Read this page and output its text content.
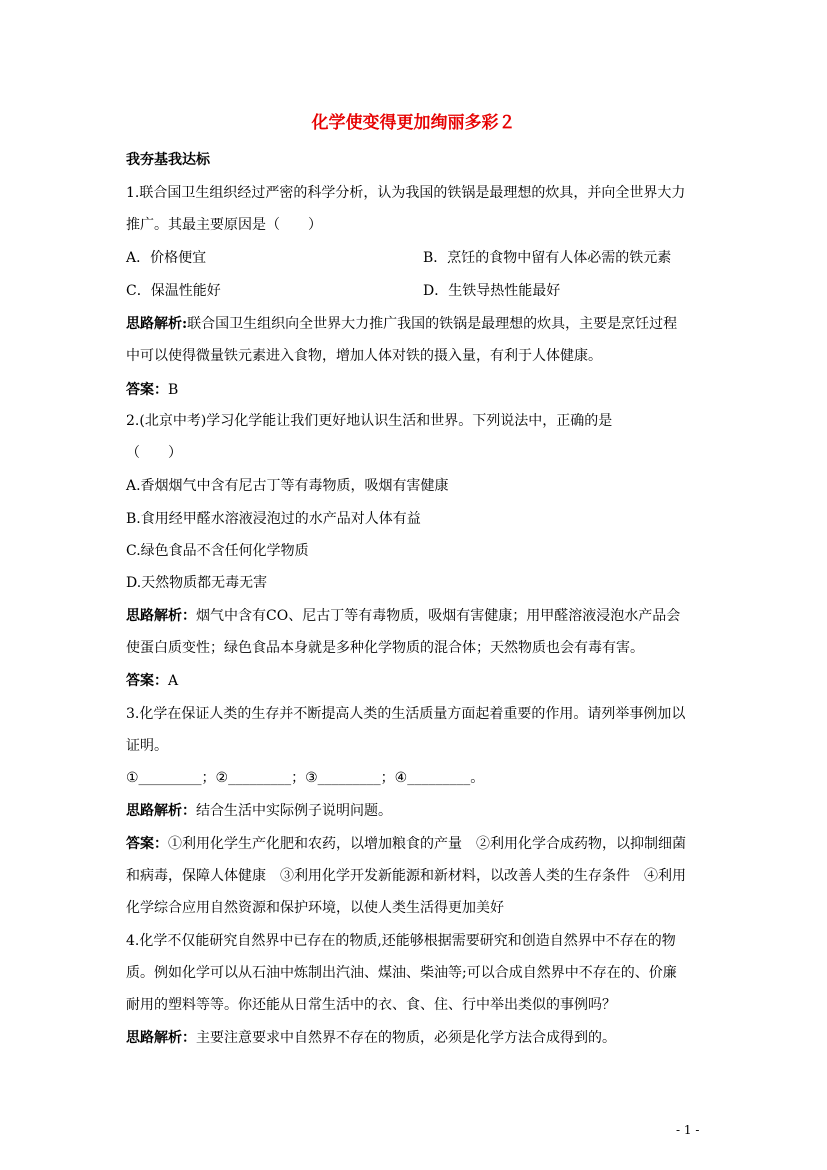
化学使变得更加绚丽多彩２
我夯基我达标
1.联合国卫生组织经过严密的科学分析，认为我国的铁锅是最理想的炊具，并向全世界大力
推广。其最主要原因是（　　）
A．价格便宜	B．烹饪的食物中留有人体必需的铁元素
C．保温性能好	D．生铁导热性能最好
思路解析:联合国卫生组织向全世界大力推广我国的铁锅是最理想的炊具，主要是烹饪过程
中可以使得微量铁元素进入食物，增加人体对铁的摄入量，有利于人体健康。
答案：B
2.(北京中考)学习化学能让我们更好地认识生活和世界。下列说法中，正确的是
（　　）
A.香烟烟气中含有尼古丁等有毒物质，吸烟有害健康
B.食用经甲醛水溶液浸泡过的水产品对人体有益
C.绿色食品不含任何化学物质
D.天然物质都无毒无害
思路解析：烟气中含有CO、尼古丁等有毒物质，吸烟有害健康；用甲醛溶液浸泡水产品会
使蛋白质变性；绿色食品本身就是多种化学物质的混合体；天然物质也会有毒有害。
答案：A
3.化学在保证人类的生存并不断提高人类的生活质量方面起着重要的作用。请列举事例加以
证明。
①_________；②_________；③_________；④_________。
思路解析：结合生活中实际例子说明问题。
答案：①利用化学生产化肥和农药，以增加粮食的产量　②利用化学合成药物，以抑制细菌
和病毒，保障人体健康　③利用化学开发新能源和新材料，以改善人类的生存条件　④利用
化学综合应用自然资源和保护环境，以使人类生活得更加美好
4.化学不仅能研究自然界中已存在的物质,还能够根据需要研究和创造自然界中不存在的物
质。例如化学可以从石油中炼制出汽油、煤油、柴油等;可以合成自然界中不存在的、价廉
耐用的塑料等等。你还能从日常生活中的衣、食、住、行中举出类似的事例吗？
思路解析：主要注意要求中自然界不存在的物质，必须是化学方法合成得到的。
- 1 -
